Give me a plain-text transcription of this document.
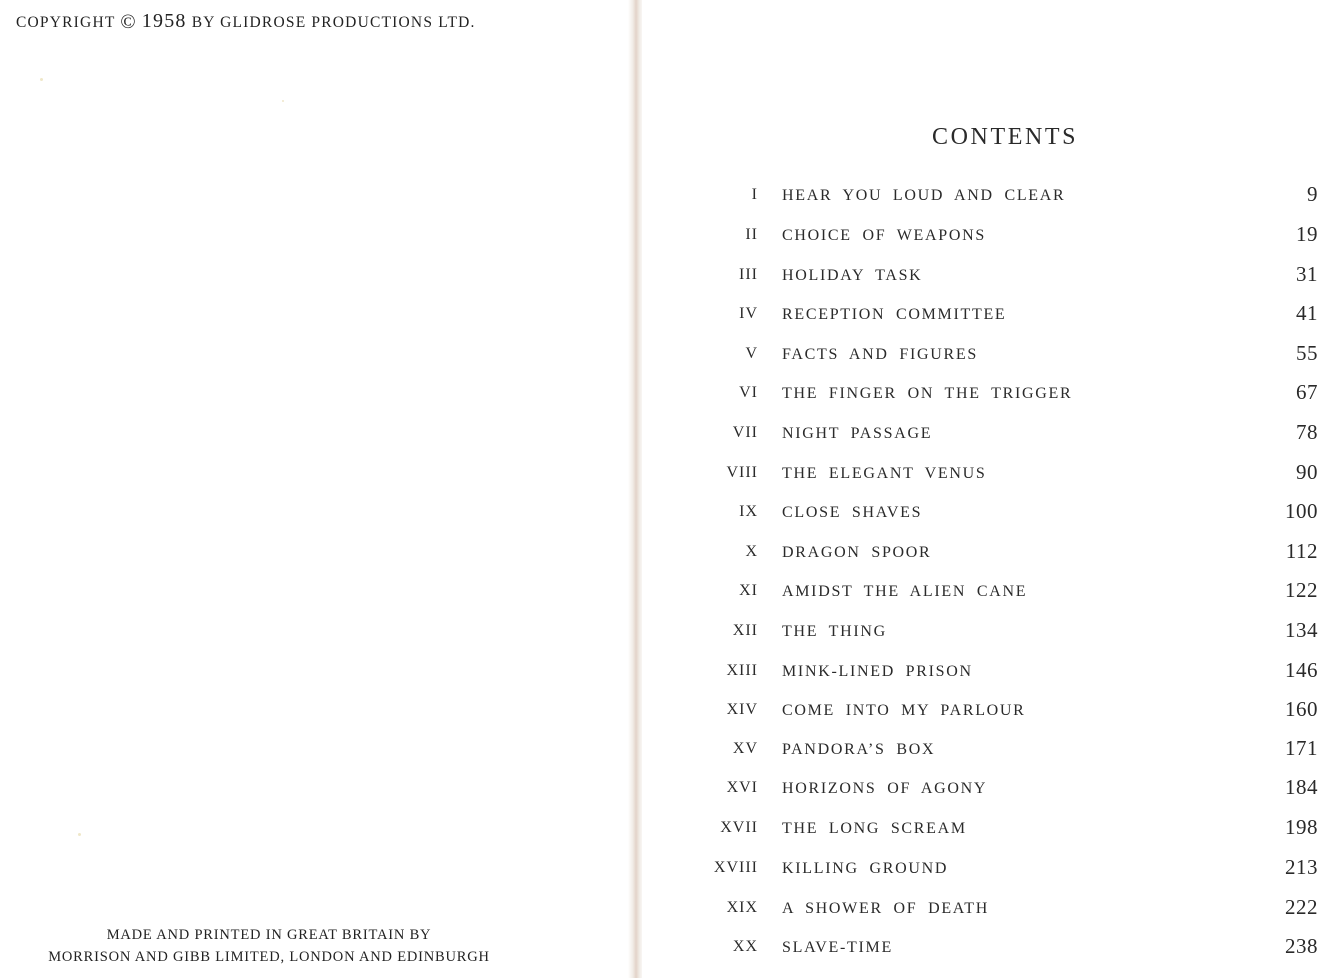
COPYRIGHT © 1958 BY GLIDROSE PRODUCTIONS LTD.
MADE AND PRINTED IN GREAT BRITAIN BY
MORRISON AND GIBB LIMITED, LONDON AND EDINBURGH
CONTENTS
I HEAR YOU LOUD AND CLEAR	9
II CHOICE OF WEAPONS	19
III HOLIDAY TASK	31
IV RECEPTION COMMITTEE	41
V FACTS AND FIGURES	55
VI THE FINGER ON THE TRIGGER	67
VII NIGHT PASSAGE	78
VIII THE ELEGANT VENUS	90
IX CLOSE SHAVES	100
X DRAGON SPOOR	112
XI AMIDST THE ALIEN CANE	122
XII THE THING	134
XIII MINK-LINED PRISON	146
XIV COME INTO MY PARLOUR	160
XV PANDORA’S BOX	171
XVI HORIZONS OF AGONY	184
XVII THE LONG SCREAM	198
XVIII KILLING GROUND	213
XIX A SHOWER OF DEATH	222
XX SLAVE-TIME	238
